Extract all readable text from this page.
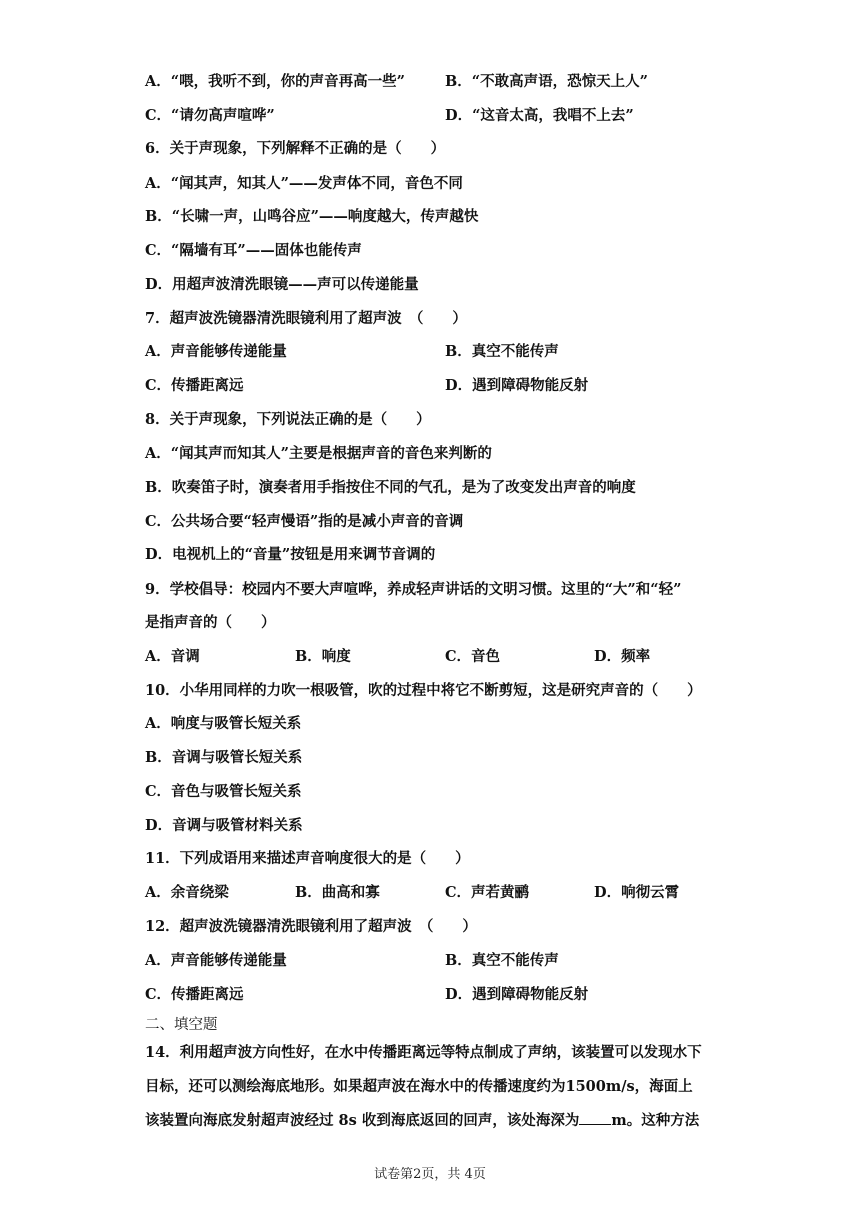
A．“喂，我听不到，你的声音再高一些”	B．“不敢高声语，恐惊天上人”
C．“请勿高声喧哗”	D．“这音太高，我唱不上去”
6．关于声现象，下列解释不正确的是（　　）
A．“闻其声，知其人”——发声体不同，音色不同
B．“长啸一声，山鸣谷应”——响度越大，传声越快
C．“隔墙有耳”——固体也能传声
D．用超声波清洗眼镜——声可以传递能量
7．超声波洗镜器清洗眼镜利用了超声波　（　　）
A．声音能够传递能量	B．真空不能传声
C．传播距离远	D．遇到障碍物能反射
8．关于声现象，下列说法正确的是（　　）
A．“闻其声而知其人”主要是根据声音的音色来判断的
B．吹奏笛子时，演奏者用手指按住不同的气孔，是为了改变发出声音的响度
C．公共场合要“轻声慢语”指的是减小声音的音调
D．电视机上的“音量”按钮是用来调节音调的
9．学校倡导：校园内不要大声喧哗，养成轻声讲话的文明习惯。这里的“大”和“轻”
是指声音的（　　）
A．音调	B．响度	C．音色	D．频率
10．小华用同样的力吹一根吸管，吹的过程中将它不断剪短，这是研究声音的（　　）
A．响度与吸管长短关系
B．音调与吸管长短关系
C．音色与吸管长短关系
D．音调与吸管材料关系
11．下列成语用来描述声音响度很大的是（　　）
A．余音绕梁	B．曲高和寡	C．声若黄鹂	D．响彻云霄
12．超声波洗镜器清洗眼镜利用了超声波　（　　）
A．声音能够传递能量	B．真空不能传声
C．传播距离远	D．遇到障碍物能反射
二、填空题
14．利用超声波方向性好，在水中传播距离远等特点制成了声纳，该装置可以发现水下
目标，还可以测绘海底地形。如果超声波在海水中的传播速度约为1500m/s，海面上
该装置向海底发射超声波经过 8s 收到海底返回的回声，该处海深为 m。这种方法
试卷第2页，共 4页
